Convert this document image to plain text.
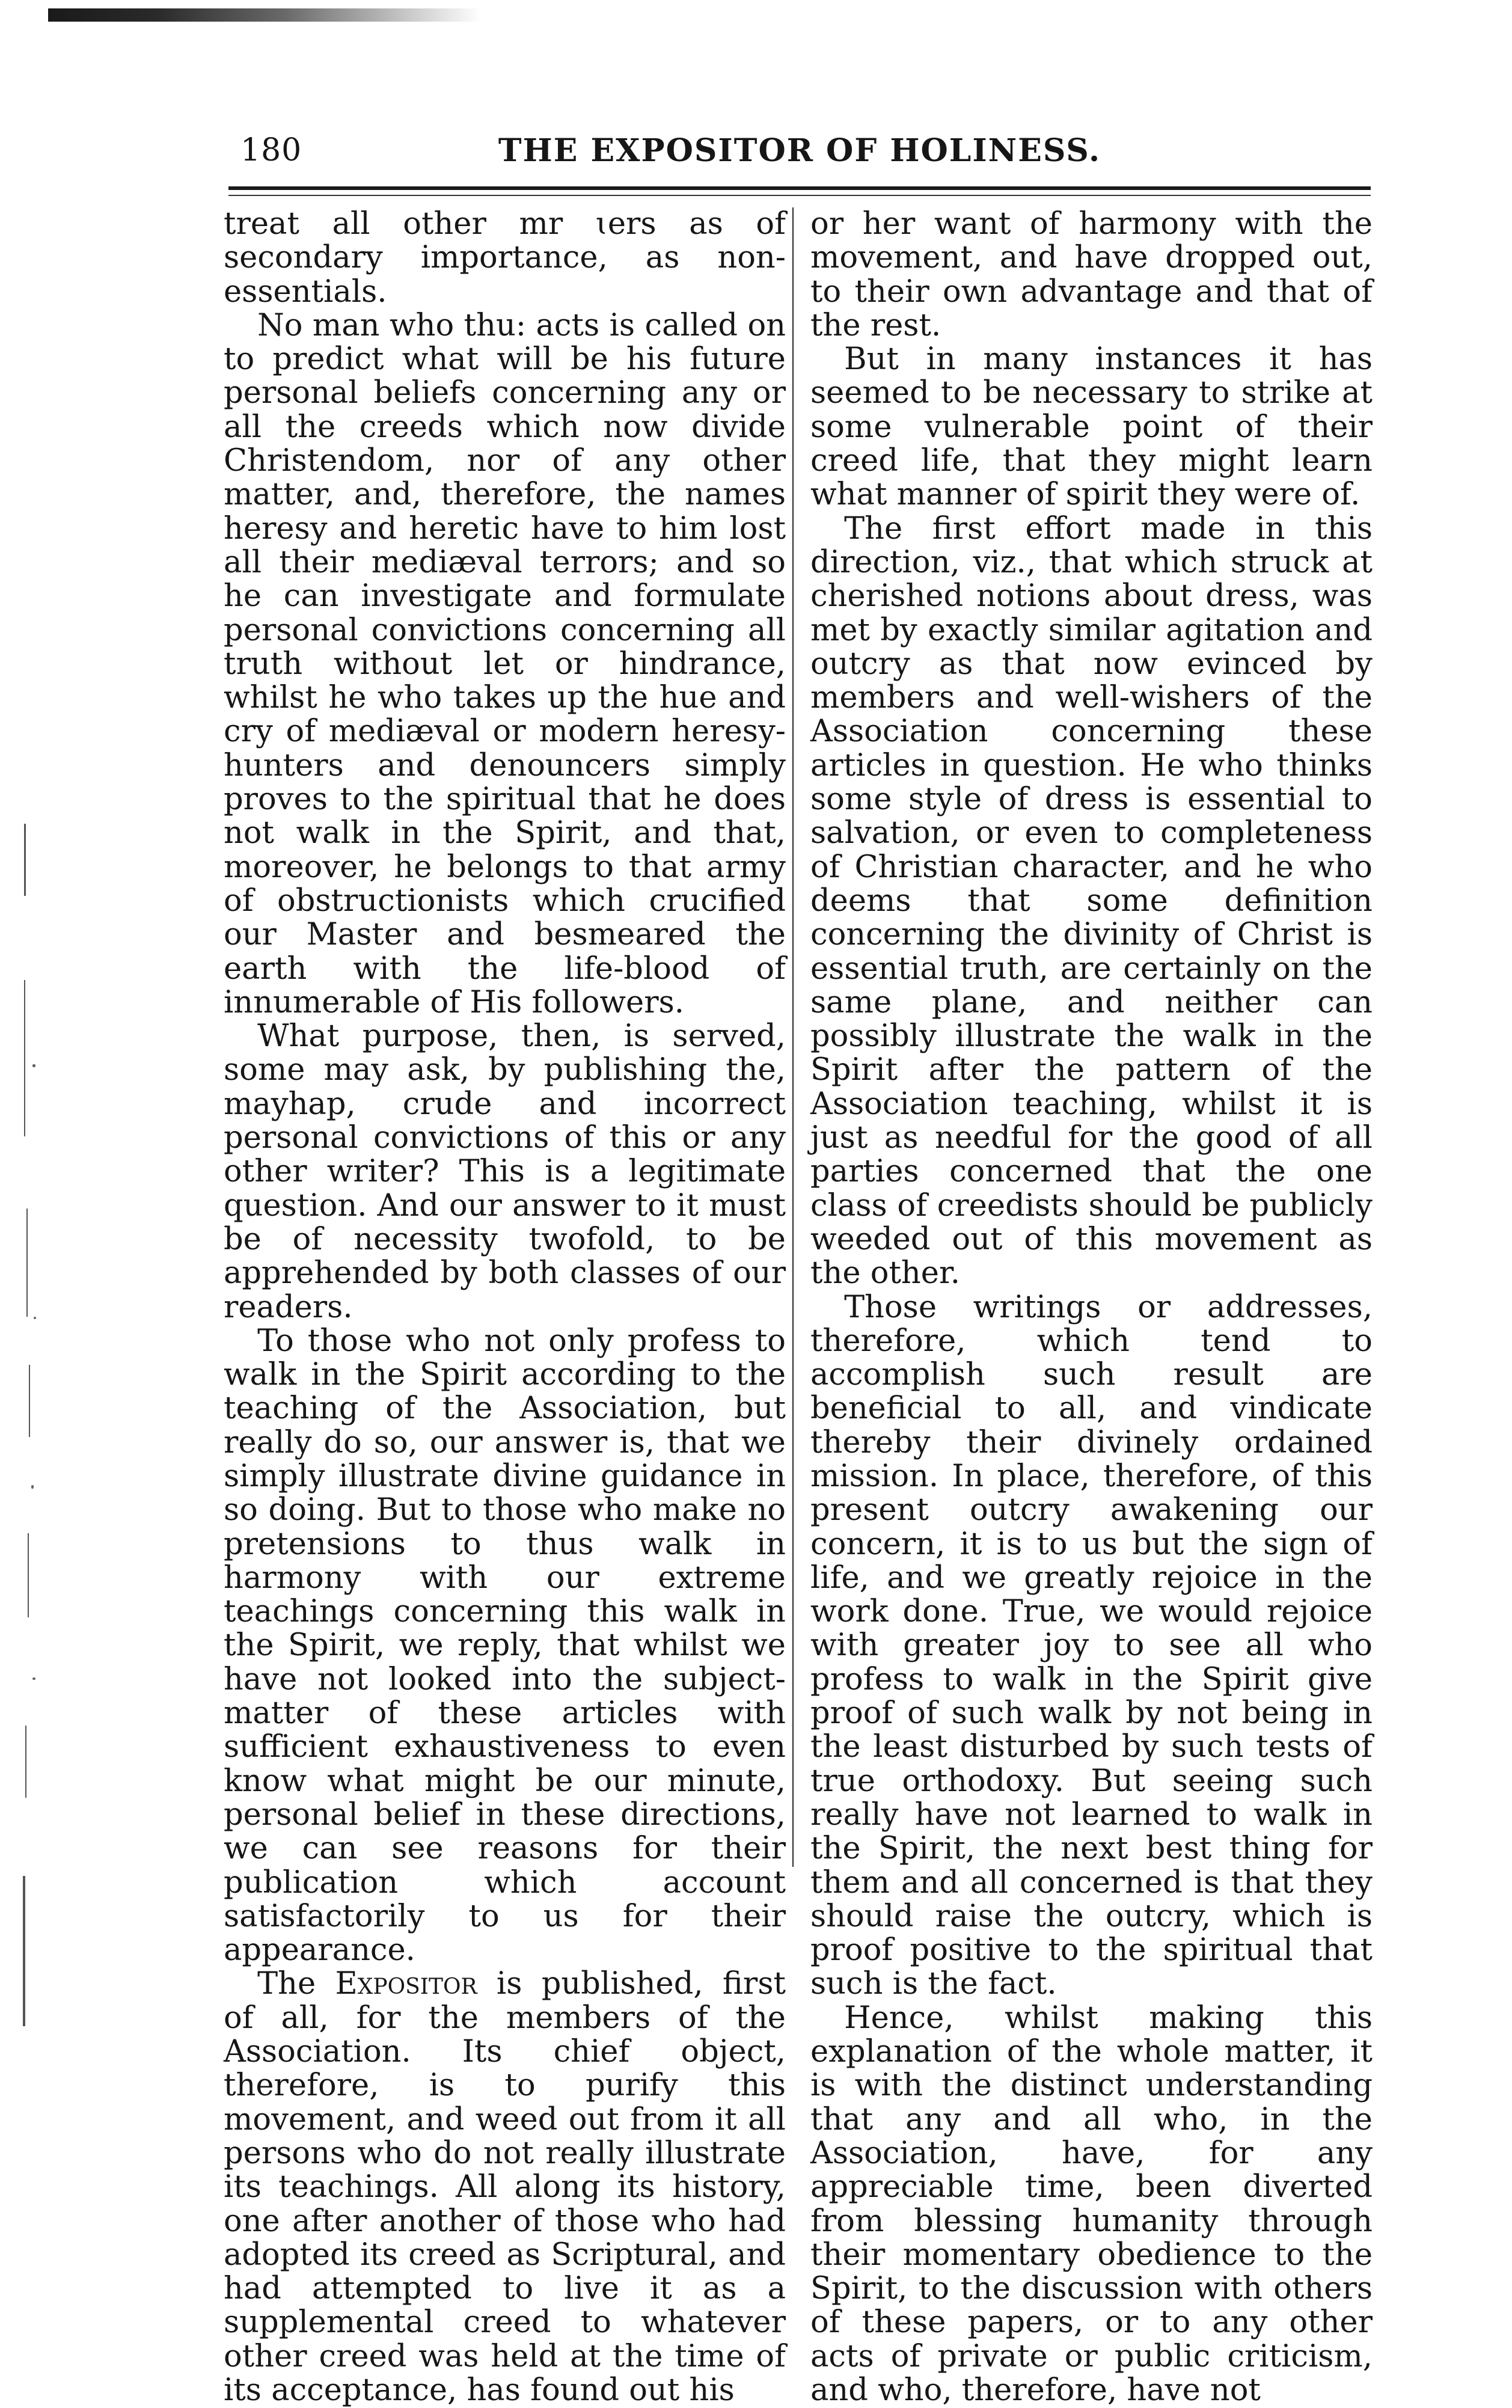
180	THE EXPOSITOR OF HOLINESS.

treat all other mr ɩers as of secondary importance, as non-essentials.

No man who thu: acts is called on to predict what will be his future personal beliefs concerning any or all the creeds which now divide Christendom, nor of any other matter, and, therefore, the names heresy and heretic have to him lost all their mediæval terrors; and so he can investigate and formulate personal convictions concerning all truth without let or hindrance, whilst he who takes up the hue and cry of mediæval or modern heresy-hunters and denouncers simply proves to the spiritual that he does not walk in the Spirit, and that, moreover, he belongs to that army of obstructionists which crucified our Master and besmeared the earth with the life-blood of innumerable of His followers.

What purpose, then, is served, some may ask, by publishing the, mayhap, crude and incorrect personal convictions of this or any other writer? This is a legitimate question. And our answer to it must be of necessity twofold, to be apprehended by both classes of our readers.

To those who not only profess to walk in the Spirit according to the teaching of the Association, but really do so, our answer is, that we simply illustrate divine guidance in so doing. But to those who make no pretensions to thus walk in harmony with our extreme teachings concerning this walk in the Spirit, we reply, that whilst we have not looked into the subject-matter of these articles with sufficient exhaustiveness to even know what might be our minute, personal belief in these directions, we can see reasons for their publication which account satisfactorily to us for their appearance.

The Expositor is published, first of all, for the members of the Association. Its chief object, therefore, is to purify this movement, and weed out from it all persons who do not really illustrate its teachings. All along its history, one after another of those who had adopted its creed as Scriptural, and had attempted to live it as a supplemental creed to whatever other creed was held at the time of its acceptance, has found out his

or her want of harmony with the movement, and have dropped out, to their own advantage and that of the rest.

But in many instances it has seemed to be necessary to strike at some vulnerable point of their creed life, that they might learn what manner of spirit they were of.

The first effort made in this direction, viz., that which struck at cherished notions about dress, was met by exactly similar agitation and outcry as that now evinced by members and well-wishers of the Association concerning these articles in question. He who thinks some style of dress is essential to salvation, or even to completeness of Christian character, and he who deems that some definition concerning the divinity of Christ is essential truth, are certainly on the same plane, and neither can possibly illustrate the walk in the Spirit after the pattern of the Association teaching, whilst it is just as needful for the good of all parties concerned that the one class of creedists should be publicly weeded out of this movement as the other.

Those writings or addresses, therefore, which tend to accomplish such result are beneficial to all, and vindicate thereby their divinely ordained mission. In place, therefore, of this present outcry awakening our concern, it is to us but the sign of life, and we greatly rejoice in the work done. True, we would rejoice with greater joy to see all who profess to walk in the Spirit give proof of such walk by not being in the least disturbed by such tests of true orthodoxy. But seeing such really have not learned to walk in the Spirit, the next best thing for them and all concerned is that they should raise the outcry, which is proof positive to the spiritual that such is the fact.

Hence, whilst making this explanation of the whole matter, it is with the distinct understanding that any and all who, in the Association, have, for any appreciable time, been diverted from blessing humanity through their momentary obedience to the Spirit, to the discussion with others of these papers, or to any other acts of private or public criticism, and who, therefore, have not
